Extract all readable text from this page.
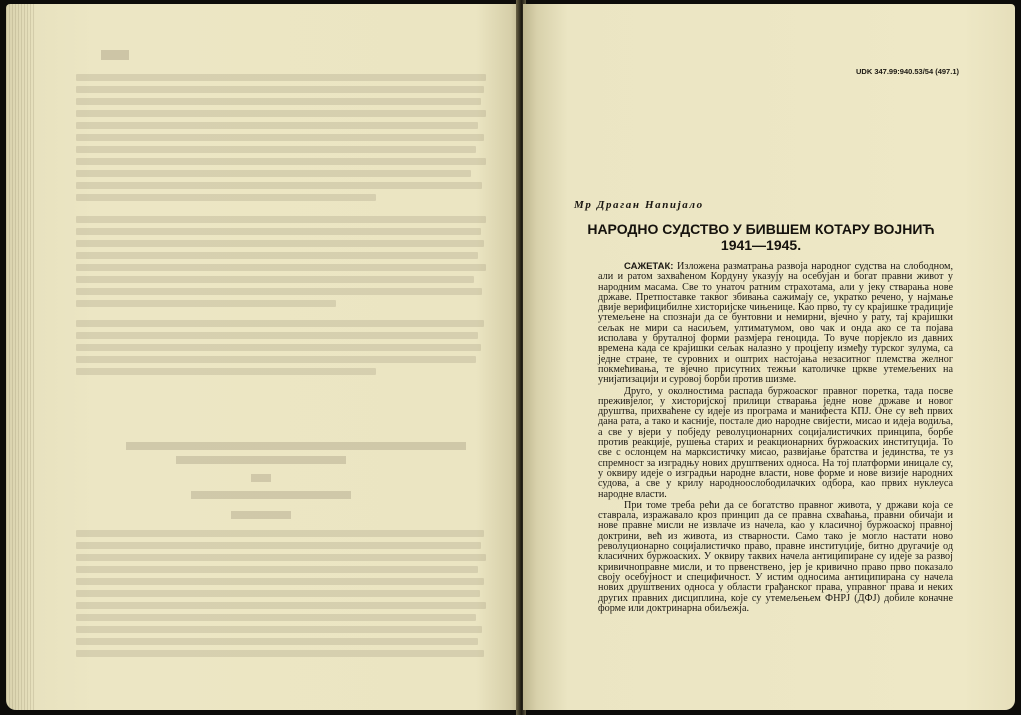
UDK 347.99:940.53/54 (497.1)
Мр Драган Напијало
НАРОДНО СУДСТВО У БИВШЕМ КОТАРУ ВОЈНИЋ
1941—1945.

САЖЕТАК: Изложена разматрања развоја народног судства на слободном, али и ратом захваћеном Кордуну указују на осебујан и богат правни живот у народним масама. Све то унаточ ратним страхотама, али у јеку стварања нове државе. Претпоставке таквог збивања сажимају се, укратко речено, у најмање двије верифицибилне хисторијске чињенице. Као прво, ту су крајишке традиције утемељене на спознаји да се бунтовни и немирни, вјечно у рату, тај крајишки сељак не мири са насиљем, ултиматумом, ово чак и онда ако се та појава исполава у бруталној форми размјера геноцида. То вуче порјекло из давних времена када се крајишки сељак налазно у процјепу између турског зулума, са једне стране, те суровних и оштрих настојања незаситног племства желног покмећивања, те вјечно присутних тежњи католичке цркве утемељених на унијатизацији и суровој борби против шизме.

Друго, у околностима распада буржоаског правног поретка, тада посве преживјелог, у хисторијској прилици стварања једне нове државе и новог друштва, прихваћене су идеје из програма и манифеста КПЈ. Оне су већ првих дана рата, а тако и касније, постале дио народне свијести, мисао и идеја водиља, а све у вјери у побједу револуционарних социјалистичких принципа, борбе против реакције, рушења старих и реакционарних буржоаских институција. То све с ослонцем на марксистичку мисао, развијање братства и јединства, те уз спремност за изградњу нових друштвених односа. На тој платформи иницале су, у оквиру идеје о изградњи народне власти, нове форме и нове визије народних судова, а све у крилу народноослободилачких одбора, као првих нуклеуса народне власти.

При томе треба рећи да се богатство правног живота, у држави која се ставрала, изражавало кроз принцип да се правна схваћања, правни обичаји и нове правне мисли не извлаче из начела, као у класичној буржоаској правној доктрини, већ из живота, из стварности. Само тако је могло настати ново револуционарно социјалистичко право, правне институције, битно другачије од класичних буржоаских. У оквиру таквих начела антиципиране су идеје за развој кривичноправне мисли, и то првенствено, јер је кривично право прво показало своју осебујност и специфичност. У истим односима антиципирана су начела нових друштвених односа у области грађанског права, управног права и неких других правних дисциплина, које су утемељењем ФНРЈ (ДФЈ) добиле коначне форме или доктринарна обиљежја.
